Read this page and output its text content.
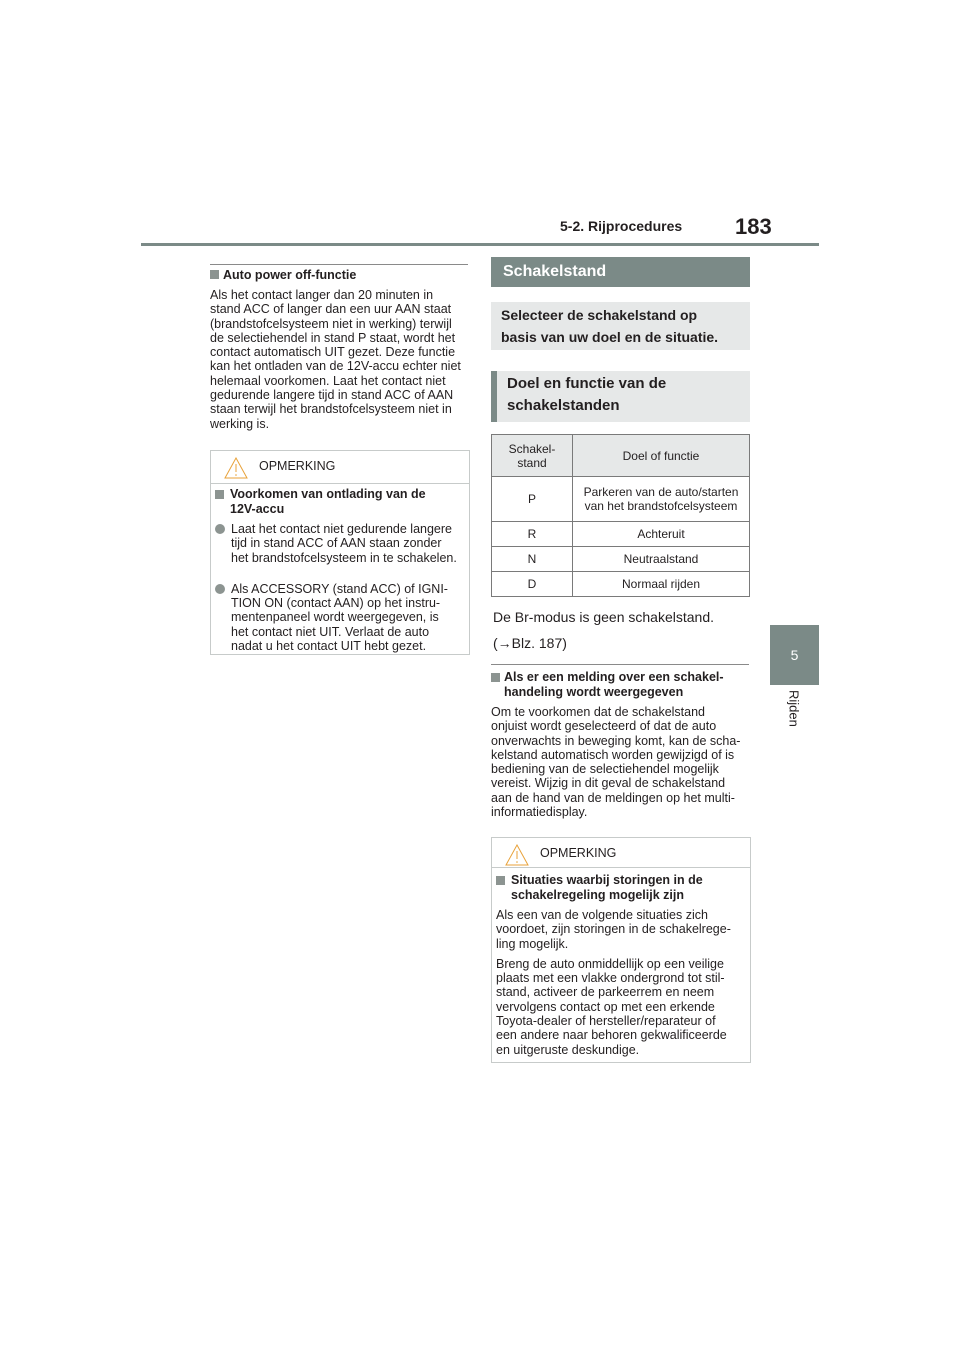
5-2. Rijprocedures 183
5
Rijden
Auto power off-functie
Als het contact langer dan 20 minuten in
stand ACC of langer dan een uur AAN staat
(brandstofcelsysteem niet in werking) terwijl
de selectiehendel in stand P staat, wordt het
contact automatisch UIT gezet. Deze functie
kan het ontladen van de 12V-accu echter niet
helemaal voorkomen. Laat het contact niet
gedurende langere tijd in stand ACC of AAN
staan terwijl het brandstofcelsysteem niet in
werking is.
OPMERKING
Voorkomen van ontlading van de
12V-accu
Laat het contact niet gedurende langere
tijd in stand ACC of AAN staan zonder
het brandstofcelsysteem in te schakelen.
Als ACCESSORY (stand ACC) of IGNI-
TION ON (contact AAN) op het instru-
mentenpaneel wordt weergegeven, is
het contact niet UIT. Verlaat de auto
nadat u het contact UIT hebt gezet.
Schakelstand
Selecteer de schakelstand op
basis van uw doel en de situatie.
Doel en functie van de
schakelstanden
Schakel-
stand	Doel of functie
P	Parkeren van de auto/starten
van het brandstofcelsysteem

R	Achteruit
N	Neutraalstand
D	Normaal rijden
De Br-modus is geen schakelstand.
(→Blz. 187)
Als er een melding over een schakel-
handeling wordt weergegeven
Om te voorkomen dat de schakelstand
onjuist wordt geselecteerd of dat de auto
onverwachts in beweging komt, kan de scha-
kelstand automatisch worden gewijzigd of is
bediening van de selectiehendel mogelijk
vereist. Wijzig in dit geval de schakelstand
aan de hand van de meldingen op het multi-
informatiedisplay.
OPMERKING
Situaties waarbij storingen in de
schakelregeling mogelijk zijn
Als een van de volgende situaties zich
voordoet, zijn storingen in de schakelrege-
ling mogelijk.
Breng de auto onmiddellijk op een veilige
plaats met een vlakke ondergrond tot stil-
stand, activeer de parkeerrem en neem
vervolgens contact op met een erkende
Toyota-dealer of hersteller/reparateur of
een andere naar behoren gekwalificeerde
en uitgeruste deskundige.
